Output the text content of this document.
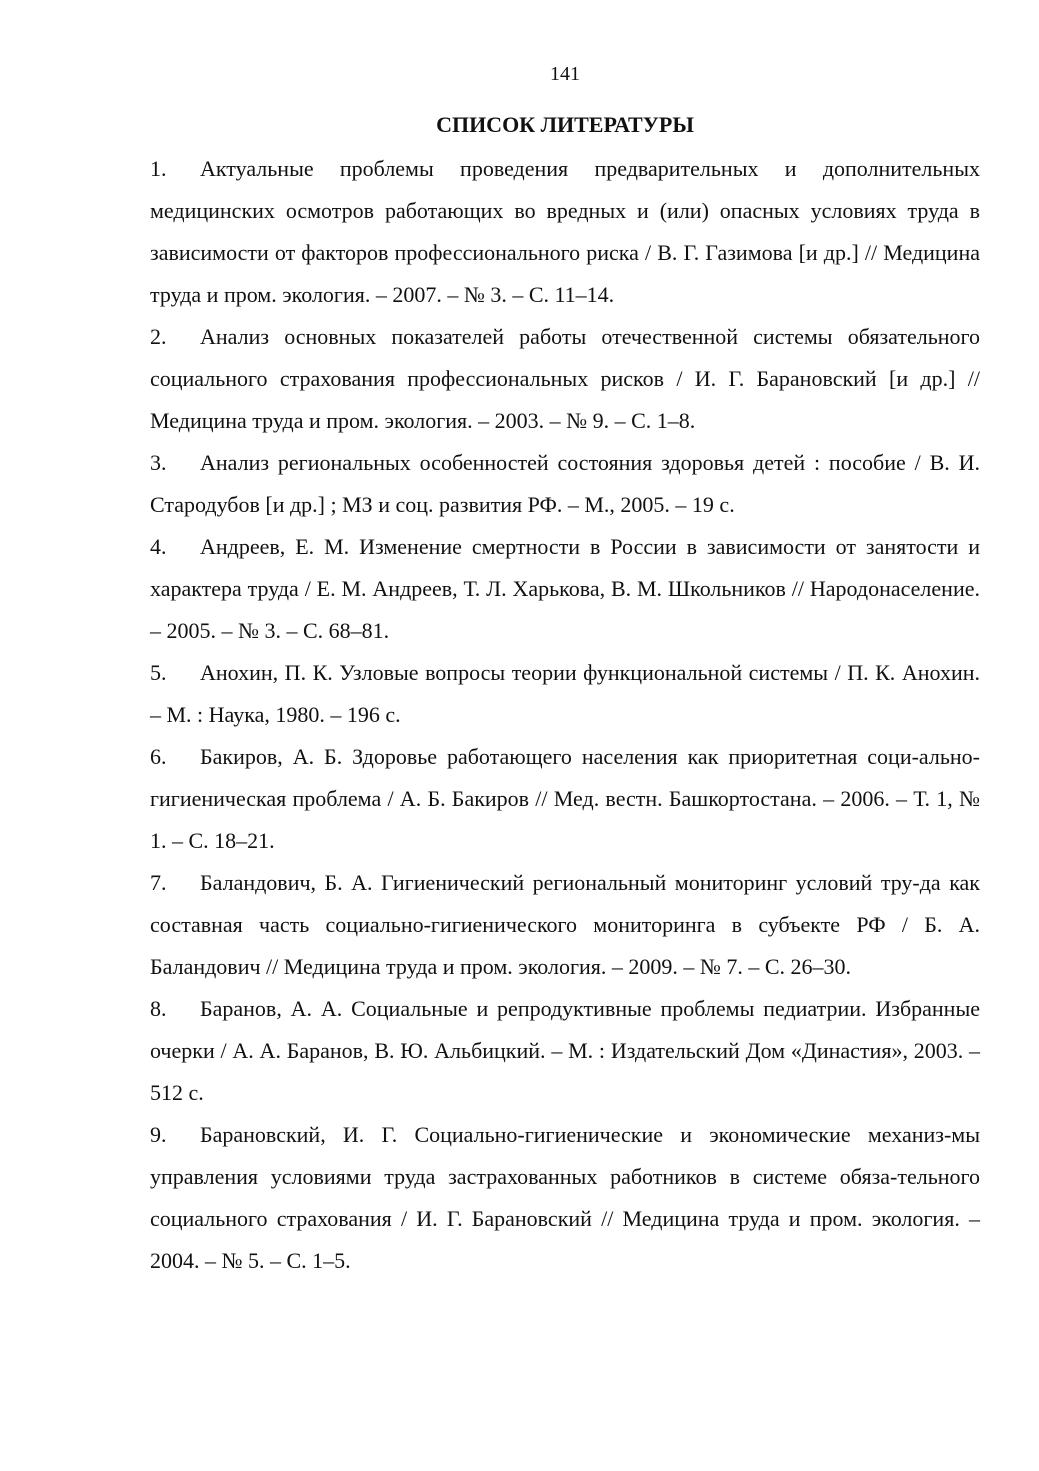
141
СПИСОК ЛИТЕРАТУРЫ
1. Актуальные проблемы проведения предварительных и дополнительных медицинских осмотров работающих во вредных и (или) опасных условиях труда в зависимости от факторов профессионального риска / В. Г. Газимова [и др.] // Медицина труда и пром. экология. – 2007. – № 3. – С. 11–14.
2. Анализ основных показателей работы отечественной системы обязательного социального страхования профессиональных рисков / И. Г. Барановский [и др.] // Медицина труда и пром. экология. – 2003. – № 9. – С. 1–8.
3. Анализ региональных особенностей состояния здоровья детей : пособие / В. И. Стародубов [и др.] ; МЗ и соц. развития РФ. – М., 2005. – 19 с.
4. Андреев, Е. М. Изменение смертности в России в зависимости от занятости и характера труда / Е. М. Андреев, Т. Л. Харькова, В. М. Школьников // Народонаселение. – 2005. – № 3. – С. 68–81.
5. Анохин, П. К. Узловые вопросы теории функциональной системы / П. К. Анохин. – М. : Наука, 1980. – 196 с.
6. Бакиров, А. Б. Здоровье работающего населения как приоритетная соци-ально-гигиеническая проблема / А. Б. Бакиров // Мед. вестн. Башкортостана. – 2006. – Т. 1, № 1. – С. 18–21.
7. Баландович, Б. А. Гигиенический региональный мониторинг условий тру-да как составная часть социально-гигиенического мониторинга в субъекте РФ / Б. А. Баландович // Медицина труда и пром. экология. – 2009. – № 7. – С. 26–30.
8. Баранов, А. А. Социальные и репродуктивные проблемы педиатрии. Избранные очерки / А. А. Баранов, В. Ю. Альбицкий. – М. : Издательский Дом «Династия», 2003. – 512 с.
9. Барановский, И. Г. Социально-гигиенические и экономические механиз-мы управления условиями труда застрахованных работников в системе обяза-тельного социального страхования / И. Г. Барановский // Медицина труда и пром. экология. – 2004. – № 5. – С. 1–5.
